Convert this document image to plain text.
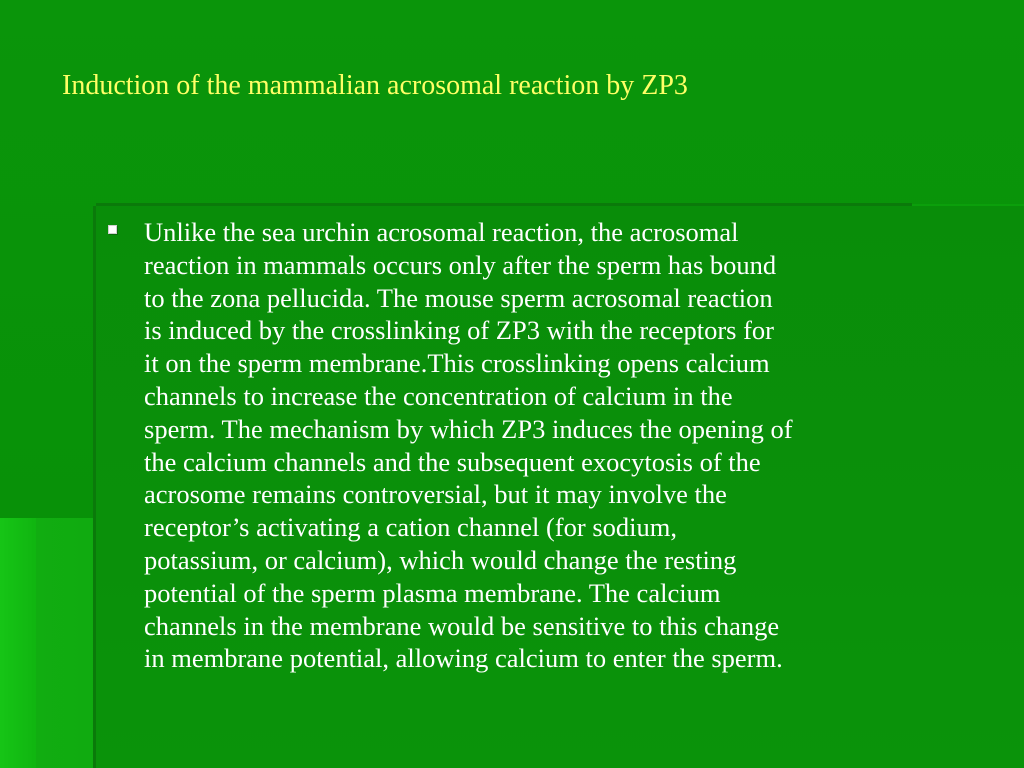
Induction of the mammalian acrosomal reaction by ZP3
Unlike the sea urchin acrosomal reaction, the acrosomal
reaction in mammals occurs only after the sperm has bound
to the zona pellucida. The mouse sperm acrosomal reaction
is induced by the crosslinking of ZP3 with the receptors for
it on the sperm membrane.This crosslinking opens calcium
channels to increase the concentration of calcium in the
sperm. The mechanism by which ZP3 induces the opening of
the calcium channels and the subsequent exocytosis of the
acrosome remains controversial, but it may involve the
receptor’s activating a cation channel (for sodium,
potassium, or calcium), which would change the resting
potential of the sperm plasma membrane. The calcium
channels in the membrane would be sensitive to this change
in membrane potential, allowing calcium to enter the sperm.
